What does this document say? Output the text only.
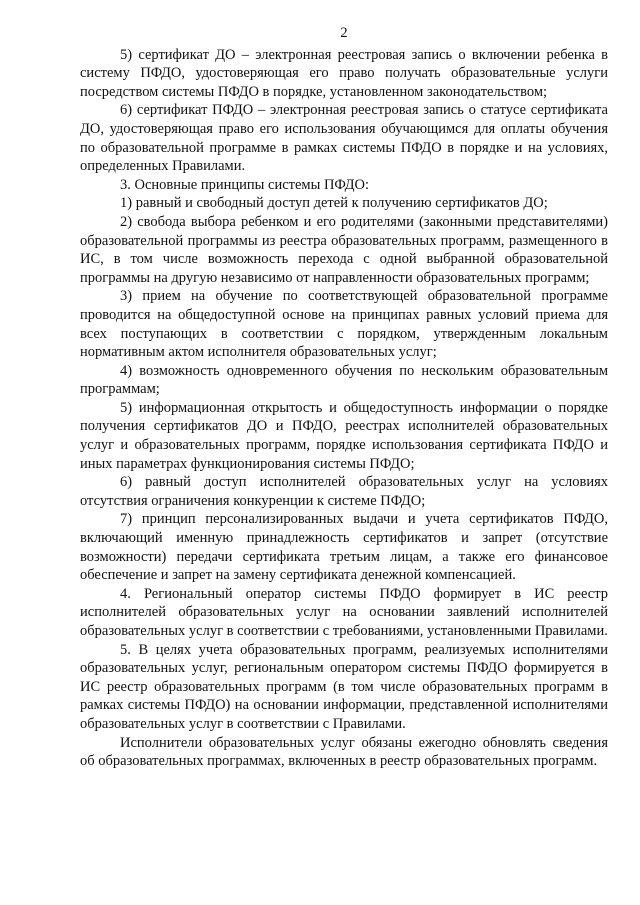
2

5) сертификат ДО – электронная реестровая запись о включении ребенка в систему ПФДО, удостоверяющая его право получать образовательные услуги посредством системы ПФДО в порядке, установленном законодательством;

6) сертификат ПФДО – электронная реестровая запись о статусе сертификата ДО, удостоверяющая право его использования обучающимся для оплаты обучения по образовательной программе в рамках системы ПФДО в порядке и на условиях, определенных Правилами.

3. Основные принципы системы ПФДО:

1) равный и свободный доступ детей к получению сертификатов ДО;

2) свобода выбора ребенком и его родителями (законными представителями) образовательной программы из реестра образовательных программ, размещенного в ИС, в том числе возможность перехода с одной выбранной образовательной программы на другую независимо от направленности образовательных программ;

3) прием на обучение по соответствующей образовательной программе проводится на общедоступной основе на принципах равных условий приема для всех поступающих в соответствии с порядком, утвержденным локальным нормативным актом исполнителя образовательных услуг;

4) возможность одновременного обучения по нескольким образовательным программам;

5) информационная открытость и общедоступность информации о порядке получения сертификатов ДО и ПФДО, реестрах исполнителей образовательных услуг и образовательных программ, порядке использования сертификата ПФДО и иных параметрах функционирования системы ПФДО;

6) равный доступ исполнителей образовательных услуг на условиях отсутствия ограничения конкуренции к системе ПФДО;

7) принцип персонализированных выдачи и учета сертификатов ПФДО, включающий именную принадлежность сертификатов и запрет (отсутствие возможности) передачи сертификата третьим лицам, а также его финансовое обеспечение и запрет на замену сертификата денежной компенсацией.

4. Региональный оператор системы ПФДО формирует в ИС реестр исполнителей образовательных услуг на основании заявлений исполнителей образовательных услуг в соответствии с требованиями, установленными Правилами.

5. В целях учета образовательных программ, реализуемых исполнителями образовательных услуг, региональным оператором системы ПФДО формируется в ИС реестр образовательных программ (в том числе образовательных программ в рамках системы ПФДО) на основании информации, представленной исполнителями образовательных услуг в соответствии с Правилами.

Исполнители образовательных услуг обязаны ежегодно обновлять сведения об образовательных программах, включенных в реестр образовательных программ.
